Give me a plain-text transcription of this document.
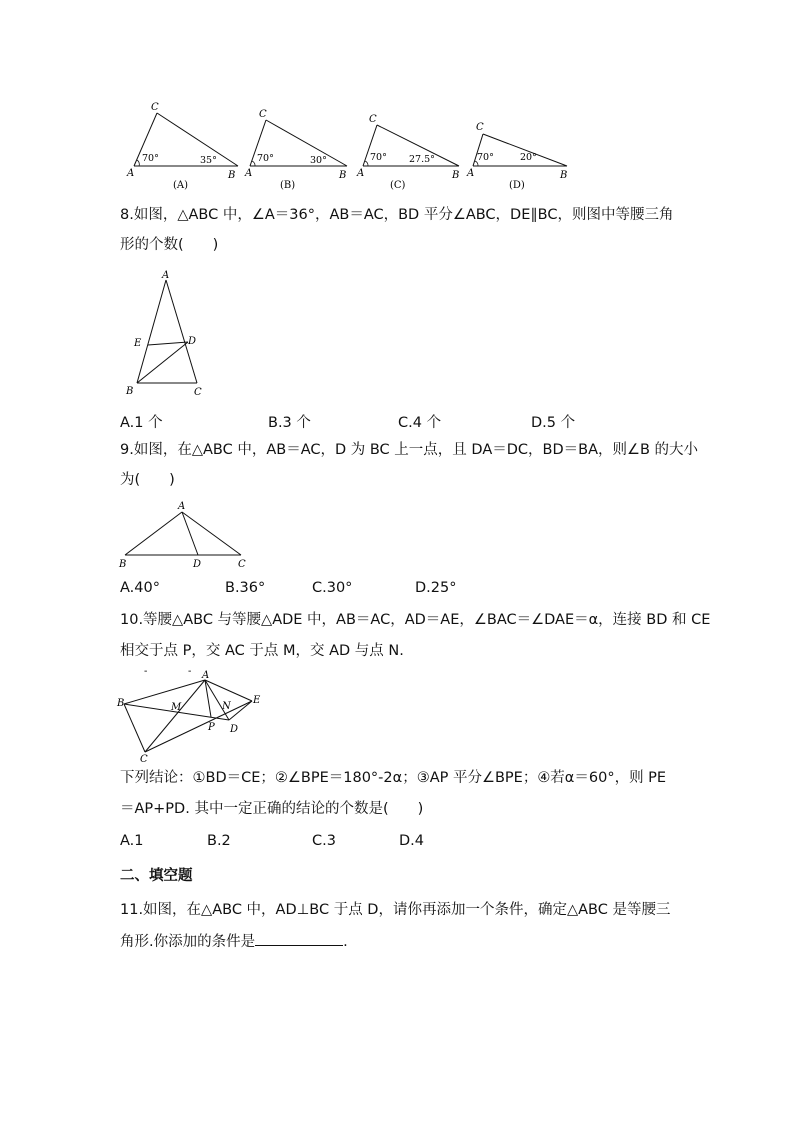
C
A	B
70°	35°
(A)
C
A	B
70°	30°
(B)
C
A	B
70° 27.5°
(C)
C
A	B
70°	20°
(D)
8.如图，△ABC 中，∠A＝36°，AB＝AC，BD 平分∠ABC，DE∥BC，则图中等腰三角
形的个数(　　)
A
E	D
B	C
A.1 个	B.3 个	C.4 个	D.5 个
9.如图，在△ABC 中，AB＝AC，D 为 BC 上一点，且 DA＝DC，BD＝BA，则∠B 的大小
为(　　)
A
B	D	C
A.40°	B.36°	C.30°	D.25°
10.等腰△ABC 与等腰△ADE 中，AB＝AC，AD＝AE，∠BAC＝∠DAE＝α，连接 BD 和 CE
相交于点 P，交 AC 于点 M，交 AD 与点 N.
-	- A
B
C
D
E
M	N
P
下列结论：①BD＝CE；②∠BPE＝180°-2α；③AP 平分∠BPE；④若α＝60°，则 PE
＝AP+PD. 其中一定正确的结论的个数是(　　)
A.1	B.2	C.3	D.4
二、填空题
11.如图，在△ABC 中，AD⊥BC 于点 D，请你再添加一个条件，确定△ABC 是等腰三
角形.你添加的条件是	.
